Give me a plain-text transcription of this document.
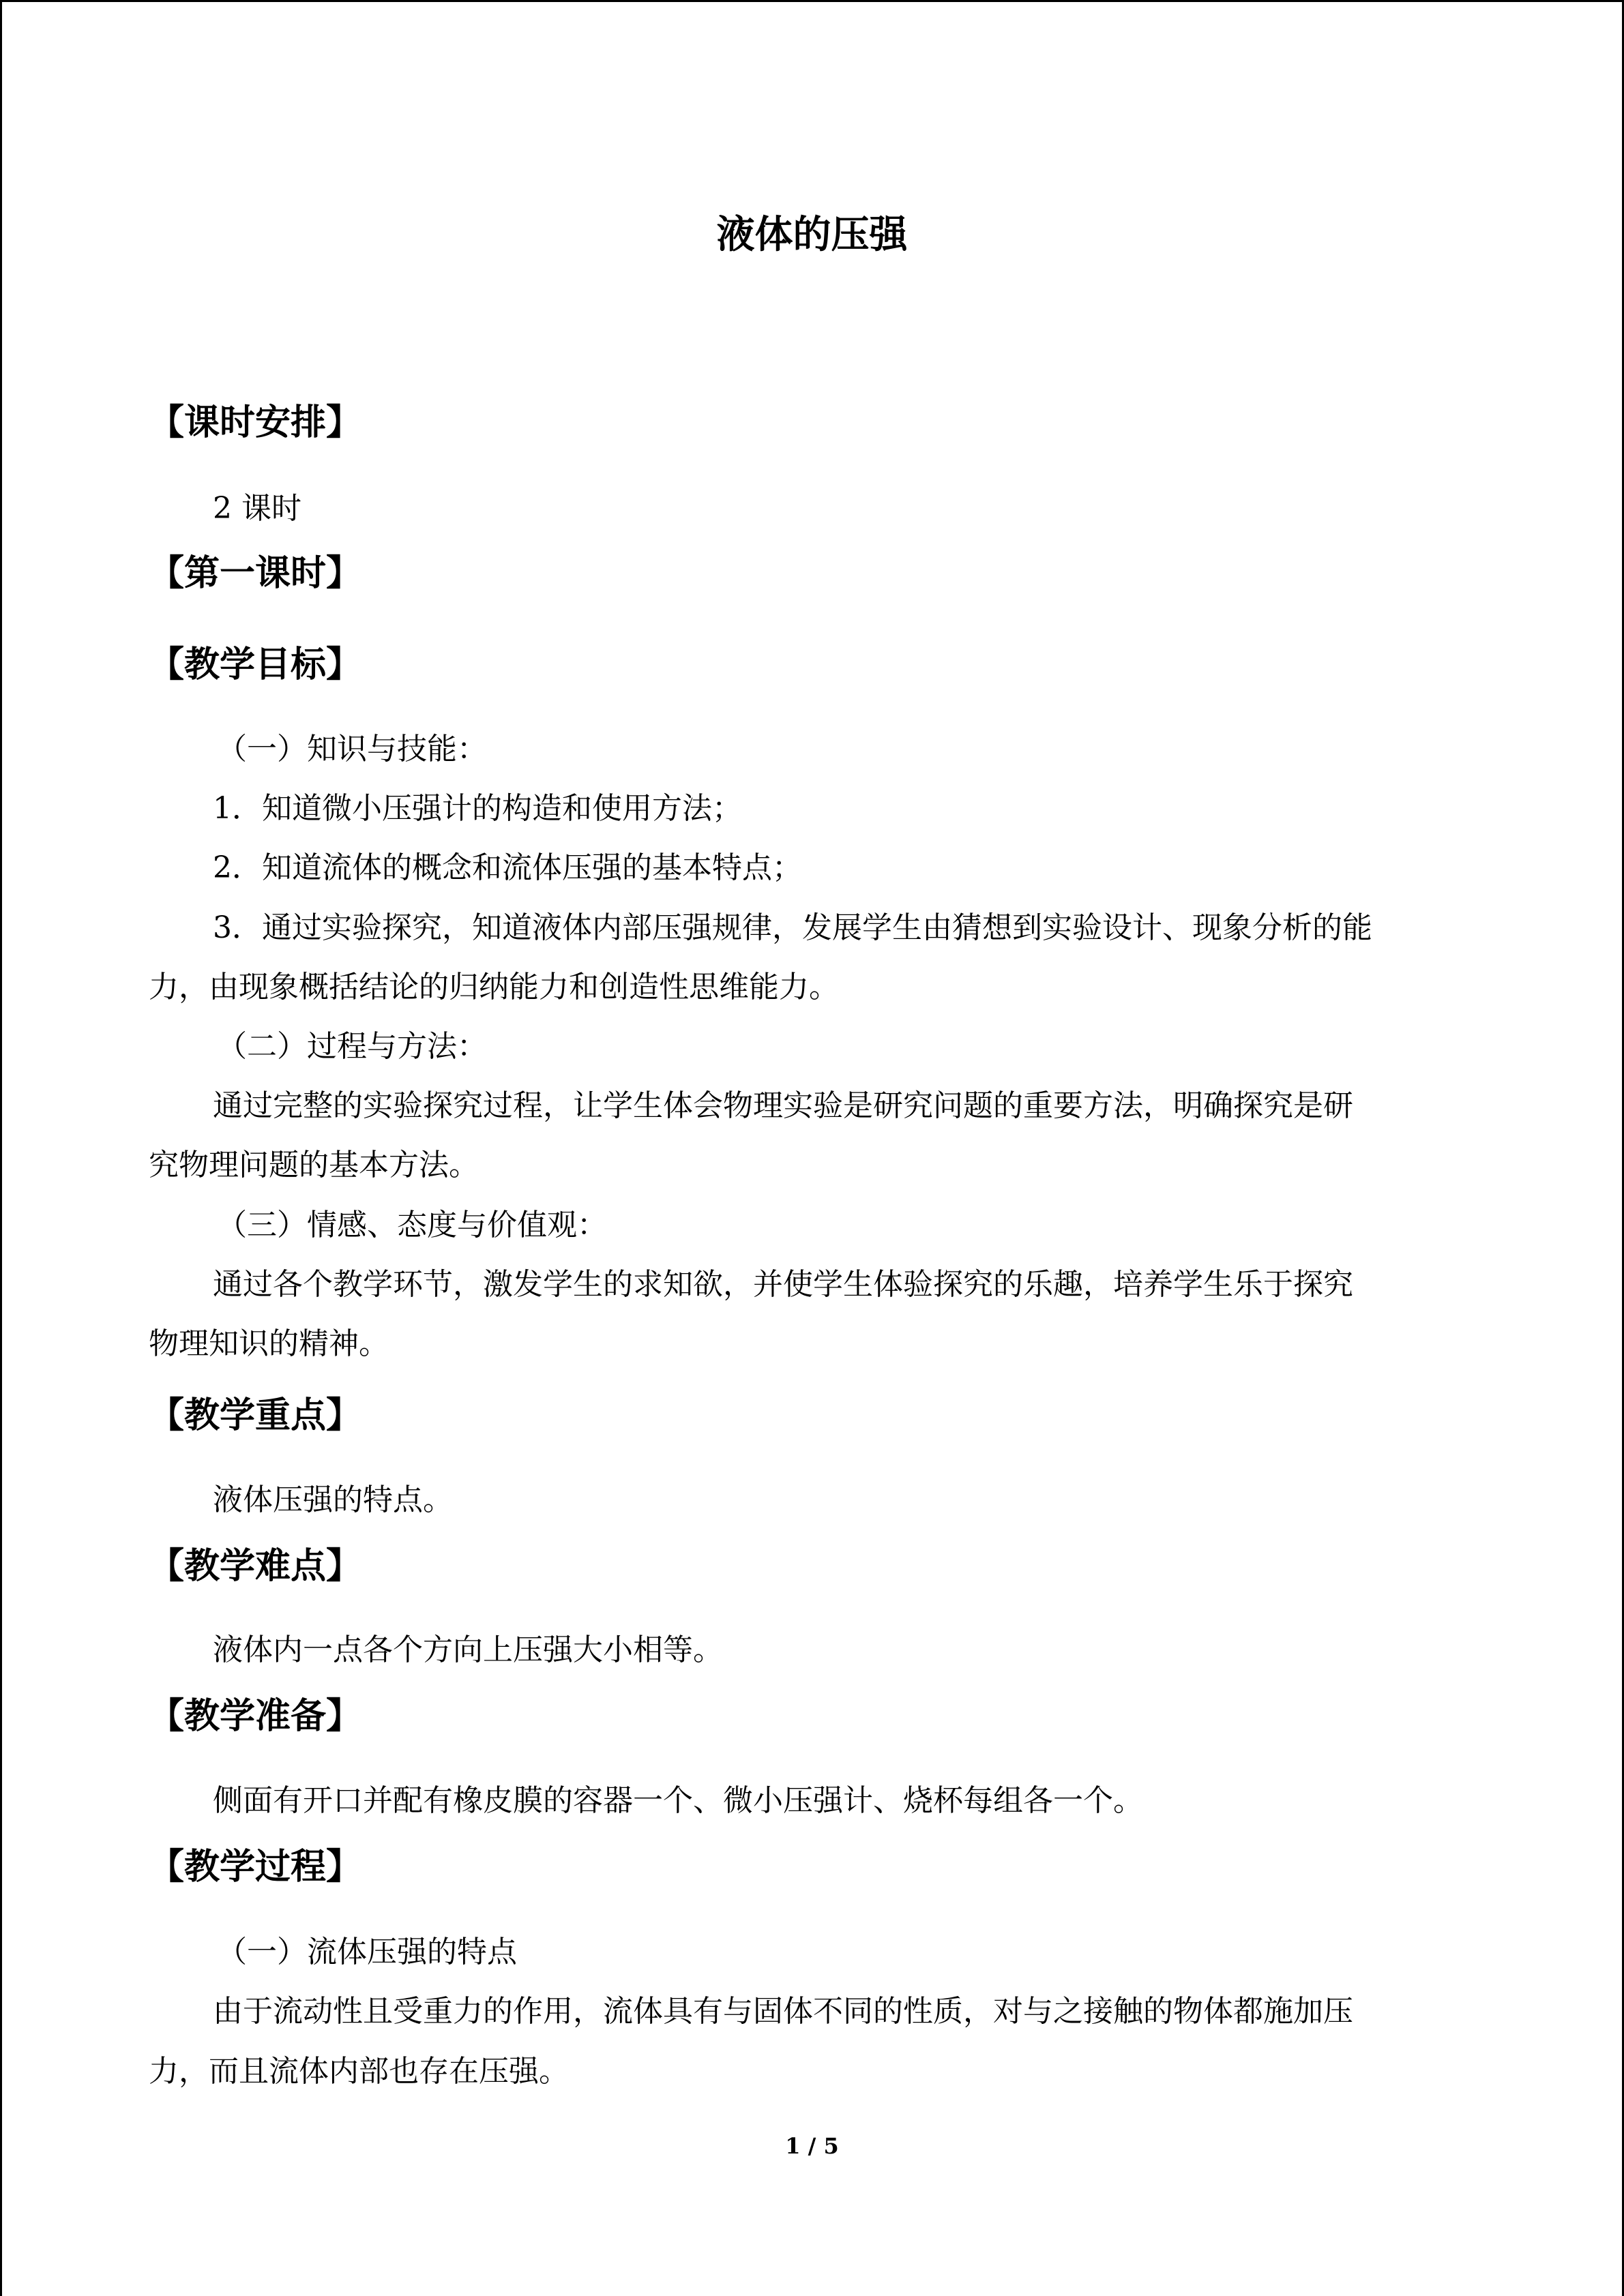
液体的压强
【课时安排】
2 课时
【第一课时】
【教学目标】
（一）知识与技能：
1．知道微小压强计的构造和使用方法；
2．知道流体的概念和流体压强的基本特点；
3．通过实验探究，知道液体内部压强规律，发展学生由猜想到实验设计、现象分析的能
力，由现象概括结论的归纳能力和创造性思维能力。
（二）过程与方法：
通过完整的实验探究过程，让学生体会物理实验是研究问题的重要方法，明确探究是研
究物理问题的基本方法。
（三）情感、态度与价值观：
通过各个教学环节，激发学生的求知欲，并使学生体验探究的乐趣，培养学生乐于探究
物理知识的精神。
【教学重点】
液体压强的特点。
【教学难点】
液体内一点各个方向上压强大小相等。
【教学准备】
侧面有开口并配有橡皮膜的容器一个、微小压强计、烧杯每组各一个。
【教学过程】
（一）流体压强的特点
由于流动性且受重力的作用，流体具有与固体不同的性质，对与之接触的物体都施加压
力，而且流体内部也存在压强。
1 / 5
